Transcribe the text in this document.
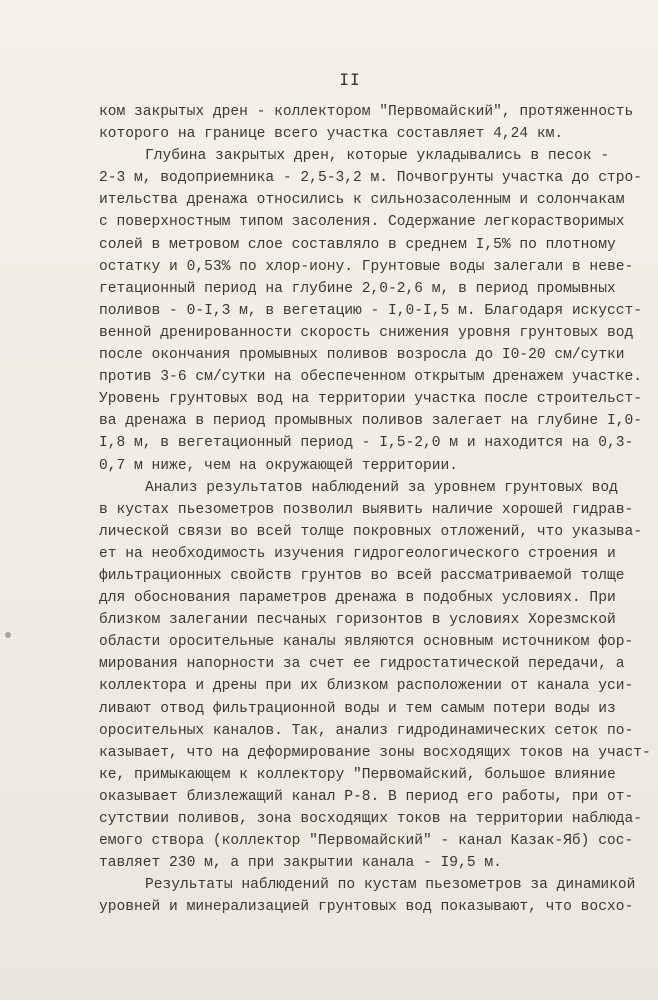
II
ком закрытых дрен - коллектором "Первомайский", протяженность
которого на границе всего участка составляет 4,24 км.
Глубина закрытых дрен, которые укладывались в песок -
2-3 м, водоприемника - 2,5-3,2 м. Почвогрунты участка до стро-
ительства дренажа относились к сильнозасоленным и солончакам
с поверхностным типом засоления. Содержание легкорастворимых
солей в метровом слое составляло в среднем I,5% по плотному
остатку и 0,53% по хлор-иону. Грунтовые воды залегали в неве-
гетационный период на глубине 2,0-2,6 м, в период промывных
поливов - 0-I,3 м, в вегетацию - I,0-I,5 м. Благодаря искусст-
венной дренированности скорость снижения уровня грунтовых вод
после окончания промывных поливов возросла до I0-20 см/сутки
против 3-6 см/сутки на обеспеченном открытым дренажем участке.
Уровень грунтовых вод на территории участка после строительст-
ва дренажа в период промывных поливов залегает на глубине I,0-
I,8 м, в вегетационный период - I,5-2,0 м и находится на 0,3-
0,7 м ниже, чем на окружающей территории.
Анализ результатов наблюдений за уровнем грунтовых вод
в кустах пьезометров позволил выявить наличие хорошей гидрав-
лической связи во всей толще покровных отложений, что указыва-
ет на необходимость изучения гидрогеологического строения и
фильтрационных свойств грунтов во всей рассматриваемой толще
для обоснования параметров дренажа в подобных условиях. При
близком залегании песчаных горизонтов в условиях Хорезмской
области оросительные каналы являются основным источником фор-
мирования напорности за счет ее гидростатической передачи, а
коллектора и дрены при их близком расположении от канала уси-
ливают отвод фильтрационной воды и тем самым потери воды из
оросительных каналов. Так, анализ гидродинамических сеток по-
казывает, что на деформирование зоны восходящих токов на участ-
ке, примыкающем к коллектору "Первомайский, большое влияние
оказывает близлежащий канал Р-8. В период его работы, при от-
сутствии поливов, зона восходящих токов на территории наблюда-
емого створа (коллектор "Первомайский" - канал Казак-Яб) сос-
тавляет 230 м, а при закрытии канала - I9,5 м.
Результаты наблюдений по кустам пьезометров за динамикой
уровней и минерализацией грунтовых вод показывают, что восхо-
